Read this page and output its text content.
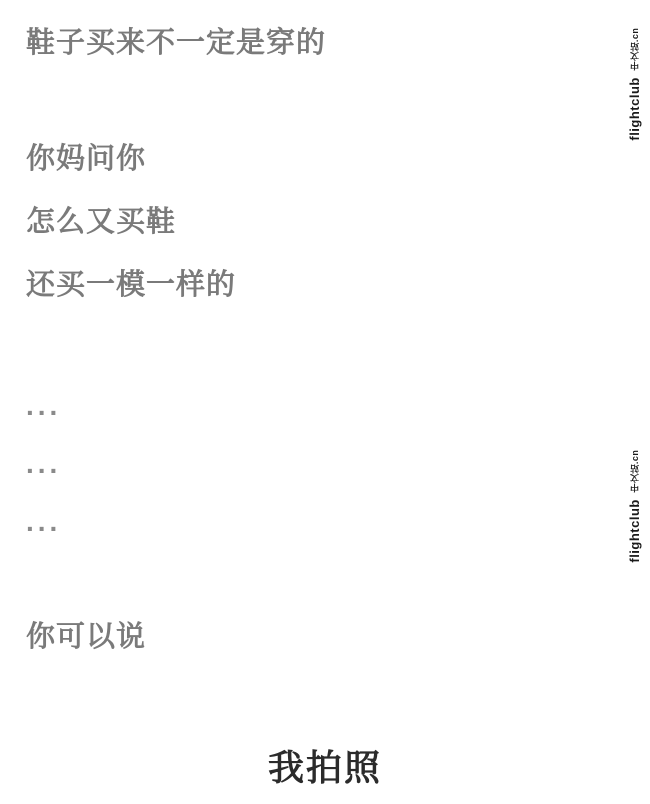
鞋子买来不一定是穿的
你妈问你
怎么又买鞋
还买一模一样的
...
...
...
你可以说
我拍照
flightclub 中文站.cn
flightclub 中文站.cn
